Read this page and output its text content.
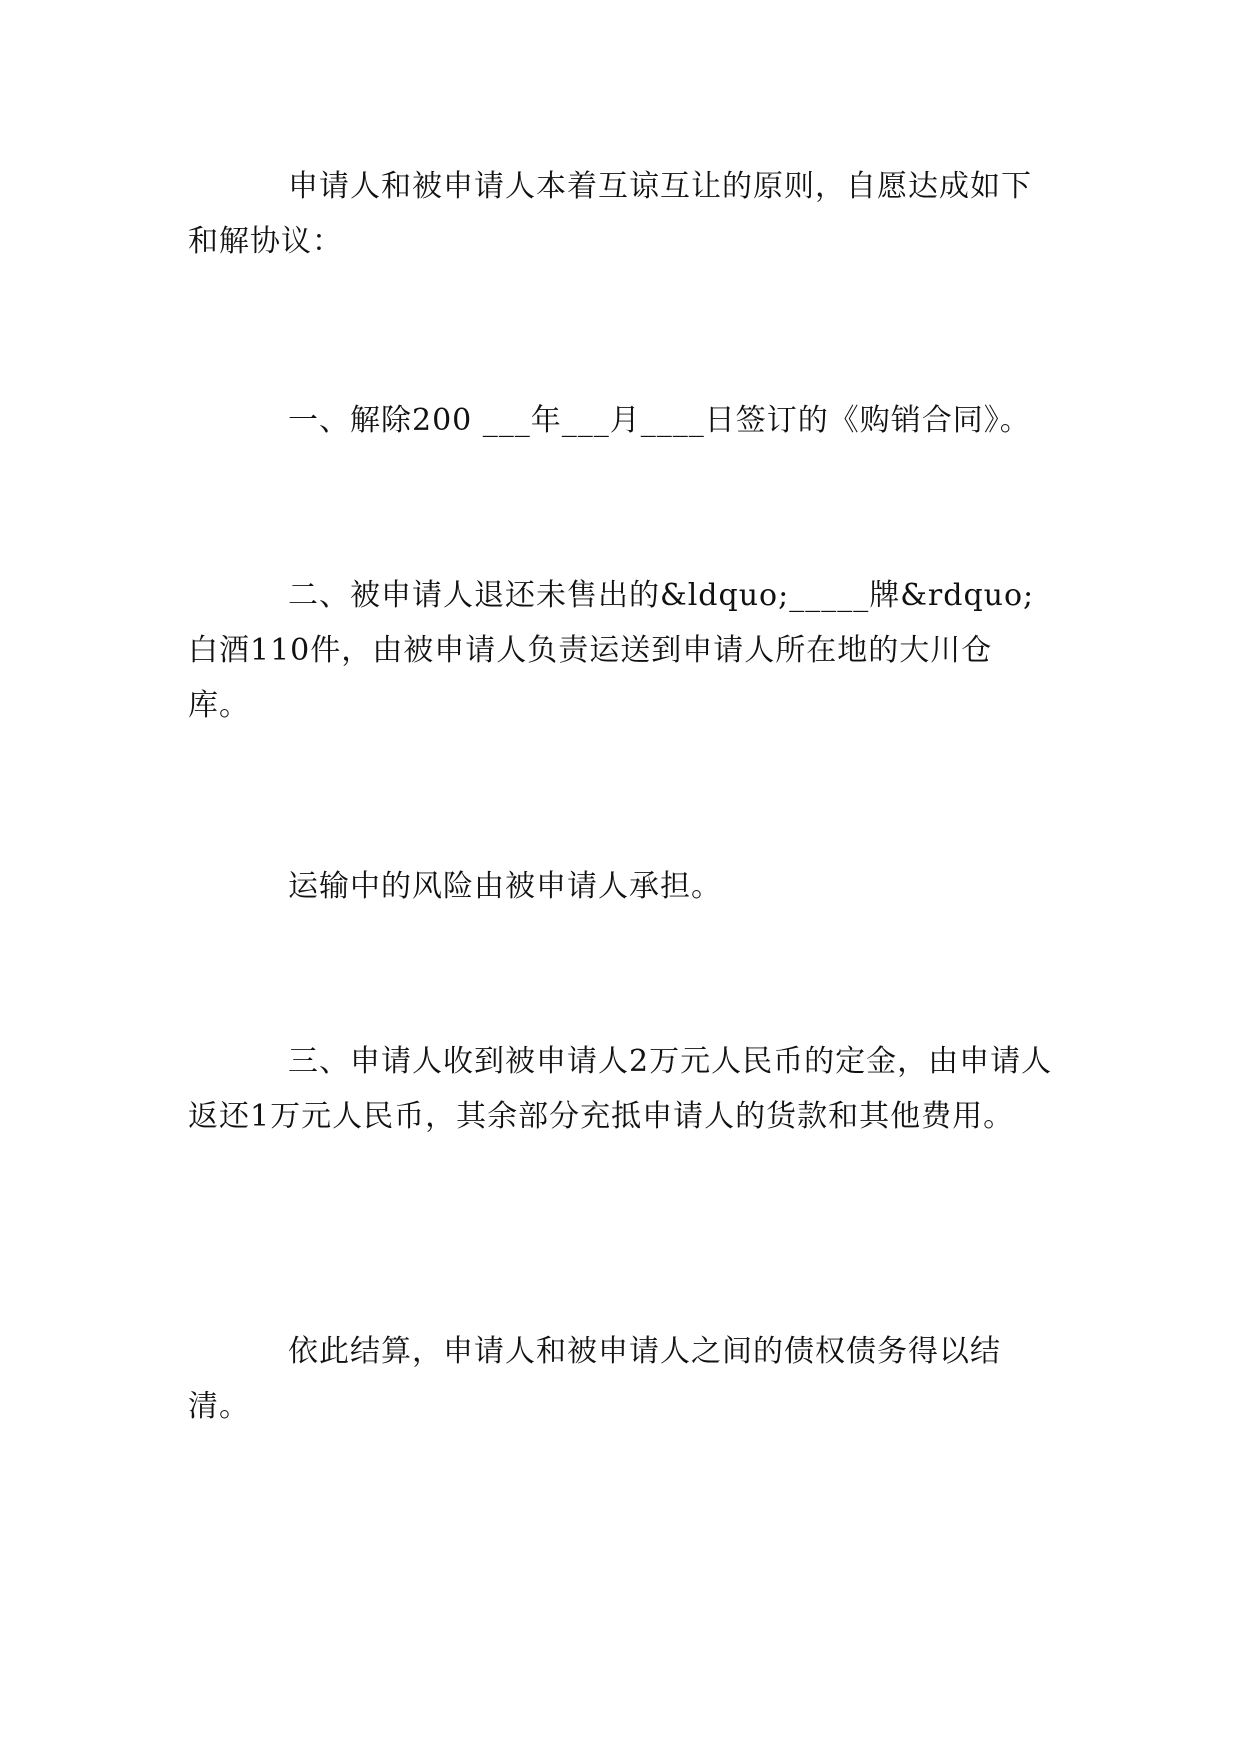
申请人和被申请人本着互谅互让的原则，自愿达成如下和解协议：

一、解除200 ___年___月____日签订的《购销合同》。

二、被申请人退还未售出的&ldquo;_____牌&rdquo;白酒110件，由被申请人负责运送到申请人所在地的大川仓库。

运输中的风险由被申请人承担。

三、申请人收到被申请人2万元人民币的定金，由申请人返还1万元人民币，其余部分充抵申请人的货款和其他费用。

依此结算，申请人和被申请人之间的债权债务得以结清。
